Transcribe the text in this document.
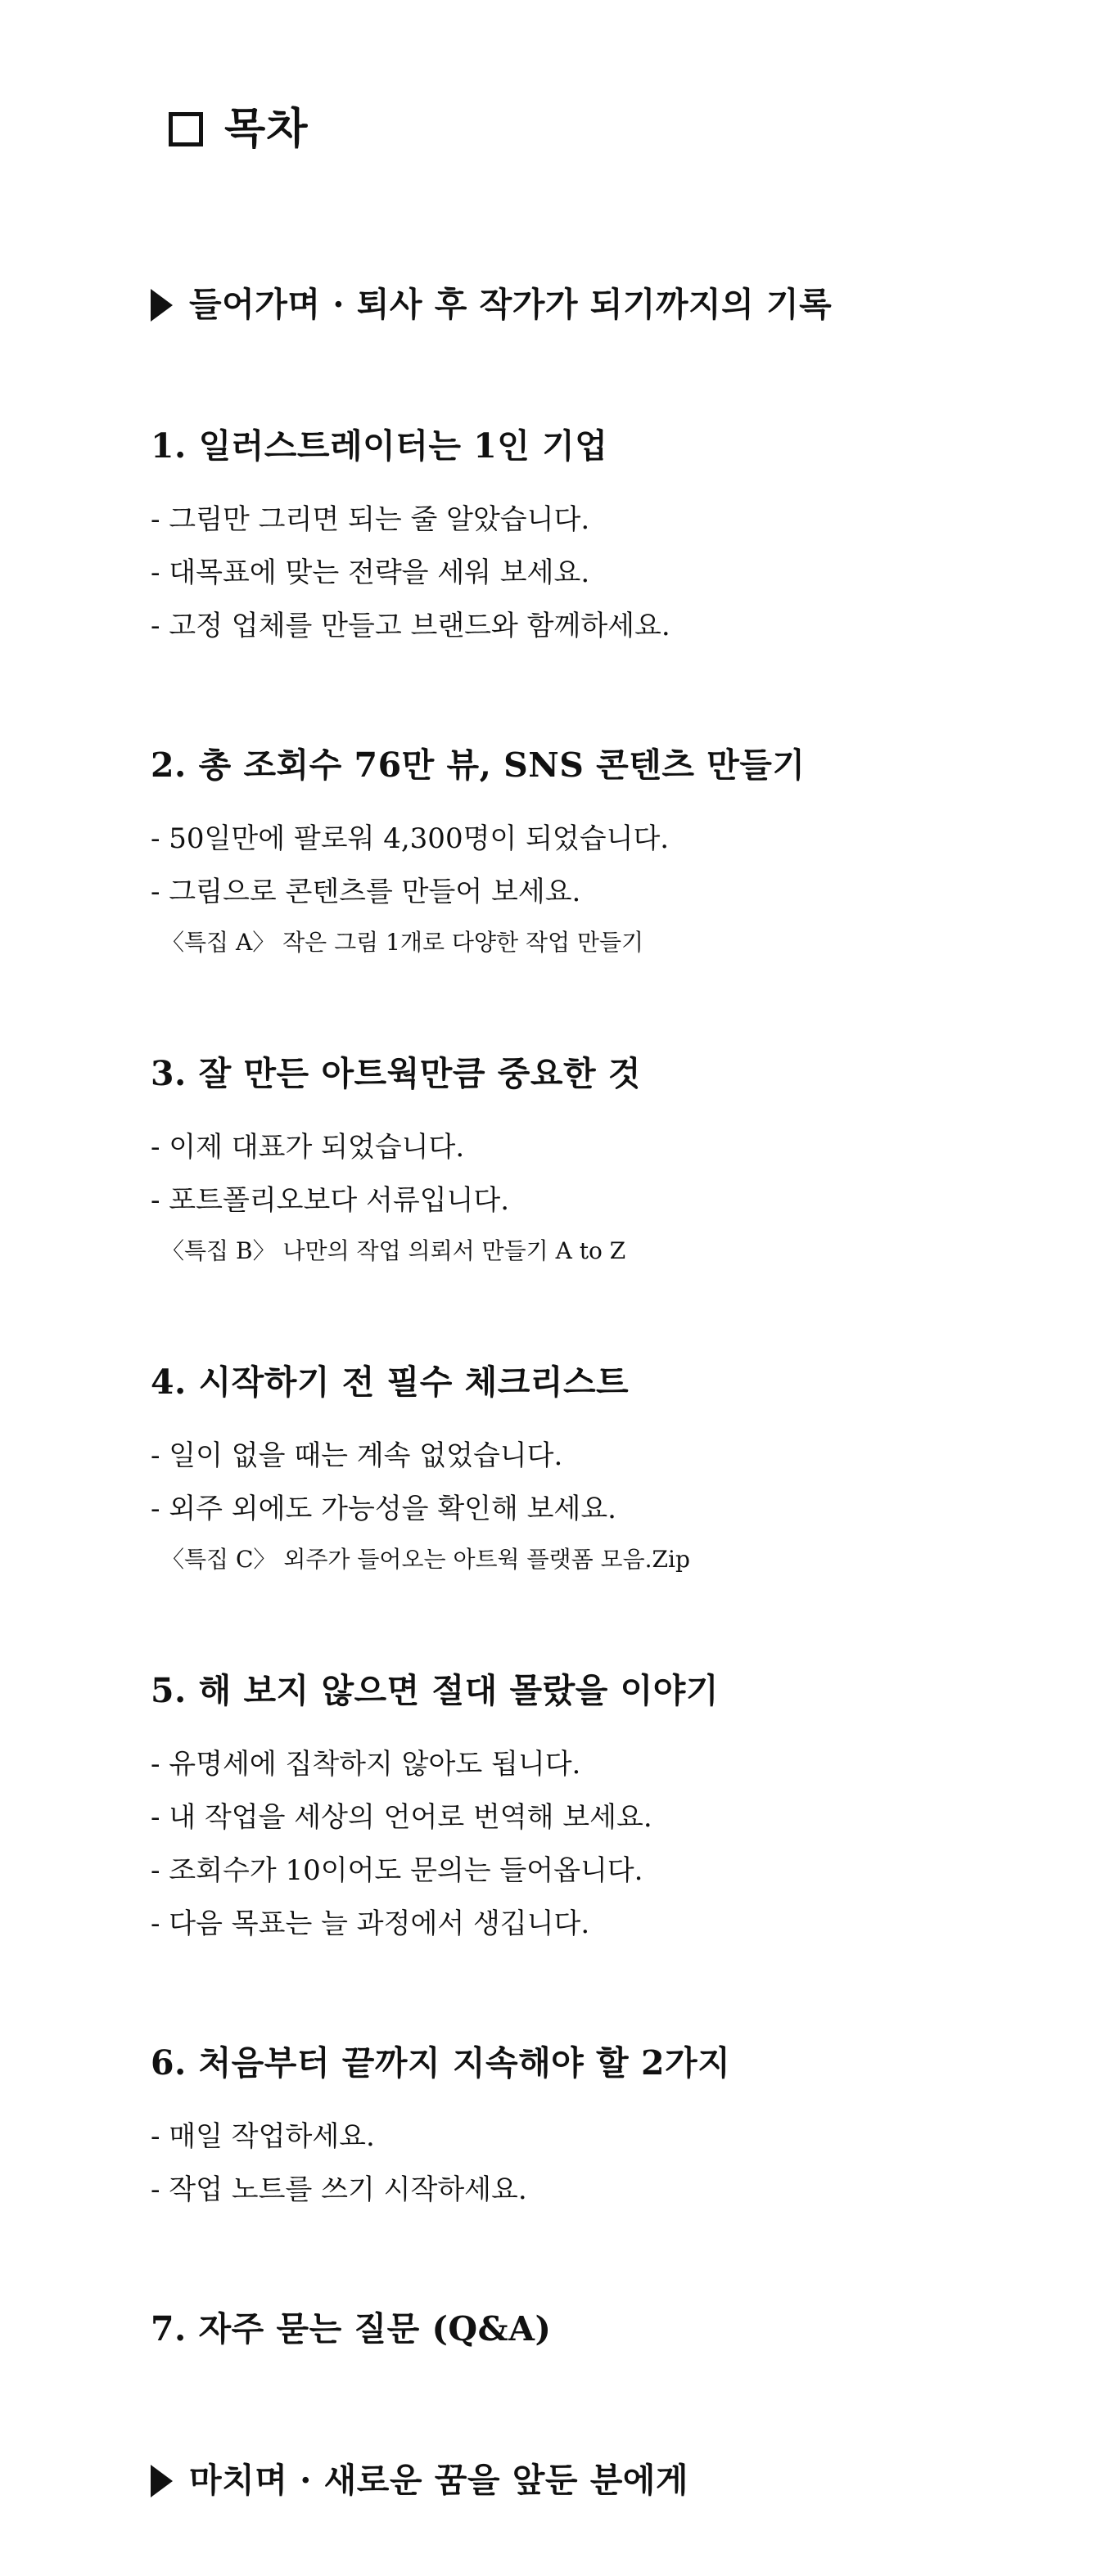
목차

들어가며 · 퇴사 후 작가가 되기까지의 기록

1. 일러스트레이터는 1인 기업

- 그림만 그리면 되는 줄 알았습니다.

- 대목표에 맞는 전략을 세워 보세요.

- 고정 업체를 만들고 브랜드와 함께하세요.

2. 총 조회수 76만 뷰, SNS 콘텐츠 만들기

- 50일만에 팔로워 4,300명이 되었습니다.

- 그림으로 콘텐츠를 만들어 보세요.

〈특집 A〉 작은 그림 1개로 다양한 작업 만들기

3. 잘 만든 아트웍만큼 중요한 것

- 이제 대표가 되었습니다.

- 포트폴리오보다 서류입니다.

〈특집 B〉 나만의 작업 의뢰서 만들기 A to Z

4. 시작하기 전 필수 체크리스트

- 일이 없을 때는 계속 없었습니다.

- 외주 외에도 가능성을 확인해 보세요.

〈특집 C〉 외주가 들어오는 아트웍 플랫폼 모음.Zip

5. 해 보지 않으면 절대 몰랐을 이야기

- 유명세에 집착하지 않아도 됩니다.

- 내 작업을 세상의 언어로 번역해 보세요.

- 조회수가 10이어도 문의는 들어옵니다.

- 다음 목표는 늘 과정에서 생깁니다.

6. 처음부터 끝까지 지속해야 할 2가지

- 매일 작업하세요.

- 작업 노트를 쓰기 시작하세요.

7. 자주 묻는 질문 (Q&A)

마치며 · 새로운 꿈을 앞둔 분에게
